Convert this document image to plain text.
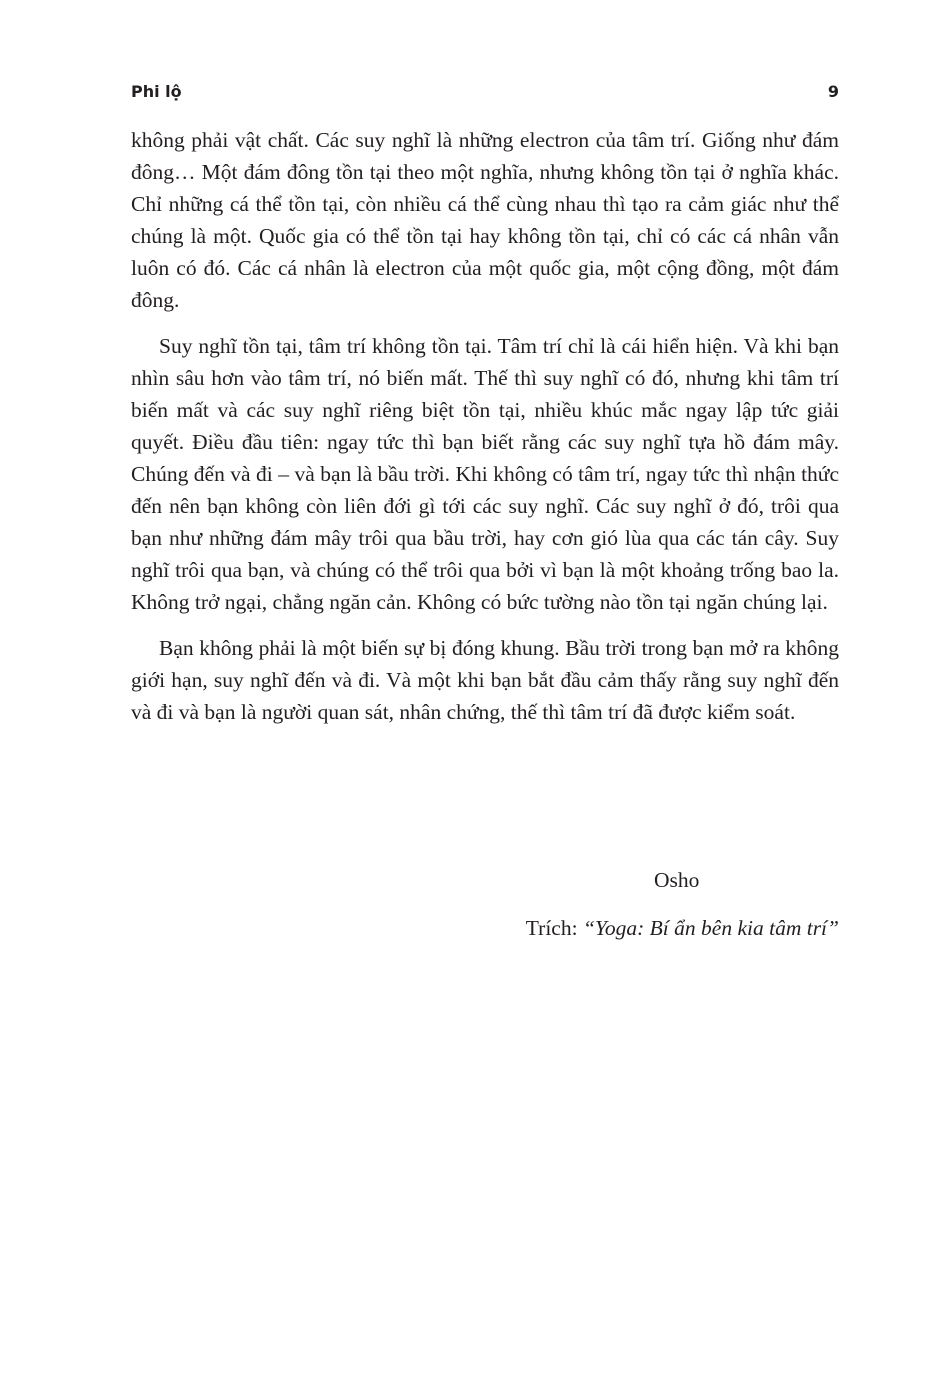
Phi lộ	9

không phải vật chất. Các suy nghĩ là những electron của tâm trí. Giống như đám đông… Một đám đông tồn tại theo một nghĩa, nhưng không tồn tại ở nghĩa khác. Chỉ những cá thể tồn tại, còn nhiều cá thể cùng nhau thì tạo ra cảm giác như thể chúng là một. Quốc gia có thể tồn tại hay không tồn tại, chỉ có các cá nhân vẫn luôn có đó. Các cá nhân là electron của một quốc gia, một cộng đồng, một đám đông.

Suy nghĩ tồn tại, tâm trí không tồn tại. Tâm trí chỉ là cái hiển hiện. Và khi bạn nhìn sâu hơn vào tâm trí, nó biến mất. Thế thì suy nghĩ có đó, nhưng khi tâm trí biến mất và các suy nghĩ riêng biệt tồn tại, nhiều khúc mắc ngay lập tức giải quyết. Điều đầu tiên: ngay tức thì bạn biết rằng các suy nghĩ tựa hồ đám mây. Chúng đến và đi – và bạn là bầu trời. Khi không có tâm trí, ngay tức thì nhận thức đến nên bạn không còn liên đới gì tới các suy nghĩ. Các suy nghĩ ở đó, trôi qua bạn như những đám mây trôi qua bầu trời, hay cơn gió lùa qua các tán cây. Suy nghĩ trôi qua bạn, và chúng có thể trôi qua bởi vì bạn là một khoảng trống bao la. Không trở ngại, chẳng ngăn cản. Không có bức tường nào tồn tại ngăn chúng lại.

Bạn không phải là một biến sự bị đóng khung. Bầu trời trong bạn mở ra không giới hạn, suy nghĩ đến và đi. Và một khi bạn bắt đầu cảm thấy rằng suy nghĩ đến và đi và bạn là người quan sát, nhân chứng, thế thì tâm trí đã được kiểm soát.

Osho
Trích: “Yoga: Bí ẩn bên kia tâm trí”
